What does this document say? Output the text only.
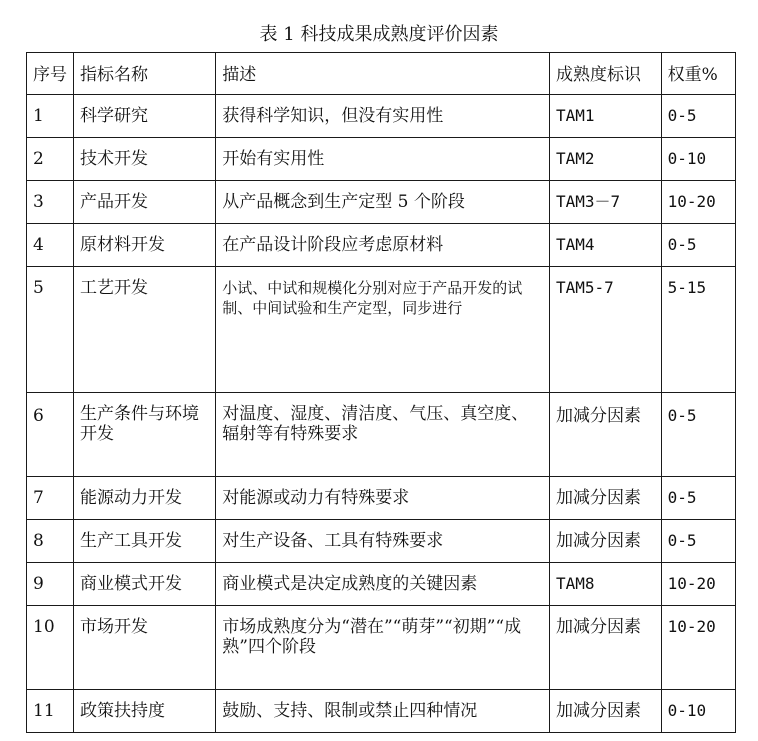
表 1 科技成果成熟度评价因素
序号	指标名称	描述	成熟度标识	权重%
1	科学研究	获得科学知识，但没有实用性	TAM1	0-5
2	技术开发	开始有实用性	TAM2	0-10
3	产品开发	从产品概念到生产定型 5 个阶段	TAM3－7	10-20
4	原材料开发	在产品设计阶段应考虑原材料	TAM4	0-5
5	工艺开发	小试、中试和规模化分别对应于产品开发的试制、中间试验和生产定型，同步进行	TAM5-7	5-15
6	生产条件与环境开发	对温度、湿度、清洁度、气压、真空度、辐射等有特殊要求	加减分因素	0-5
7	能源动力开发	对能源或动力有特殊要求	加减分因素	0-5
8	生产工具开发	对生产设备、工具有特殊要求	加减分因素	0-5
9	商业模式开发	商业模式是决定成熟度的关键因素	TAM8	10-20
10	市场开发	市场成熟度分为“潜在”“萌芽”“初期”“成熟”四个阶段	加减分因素	10-20
11	政策扶持度	鼓励、支持、限制或禁止四种情况	加减分因素	0-10
